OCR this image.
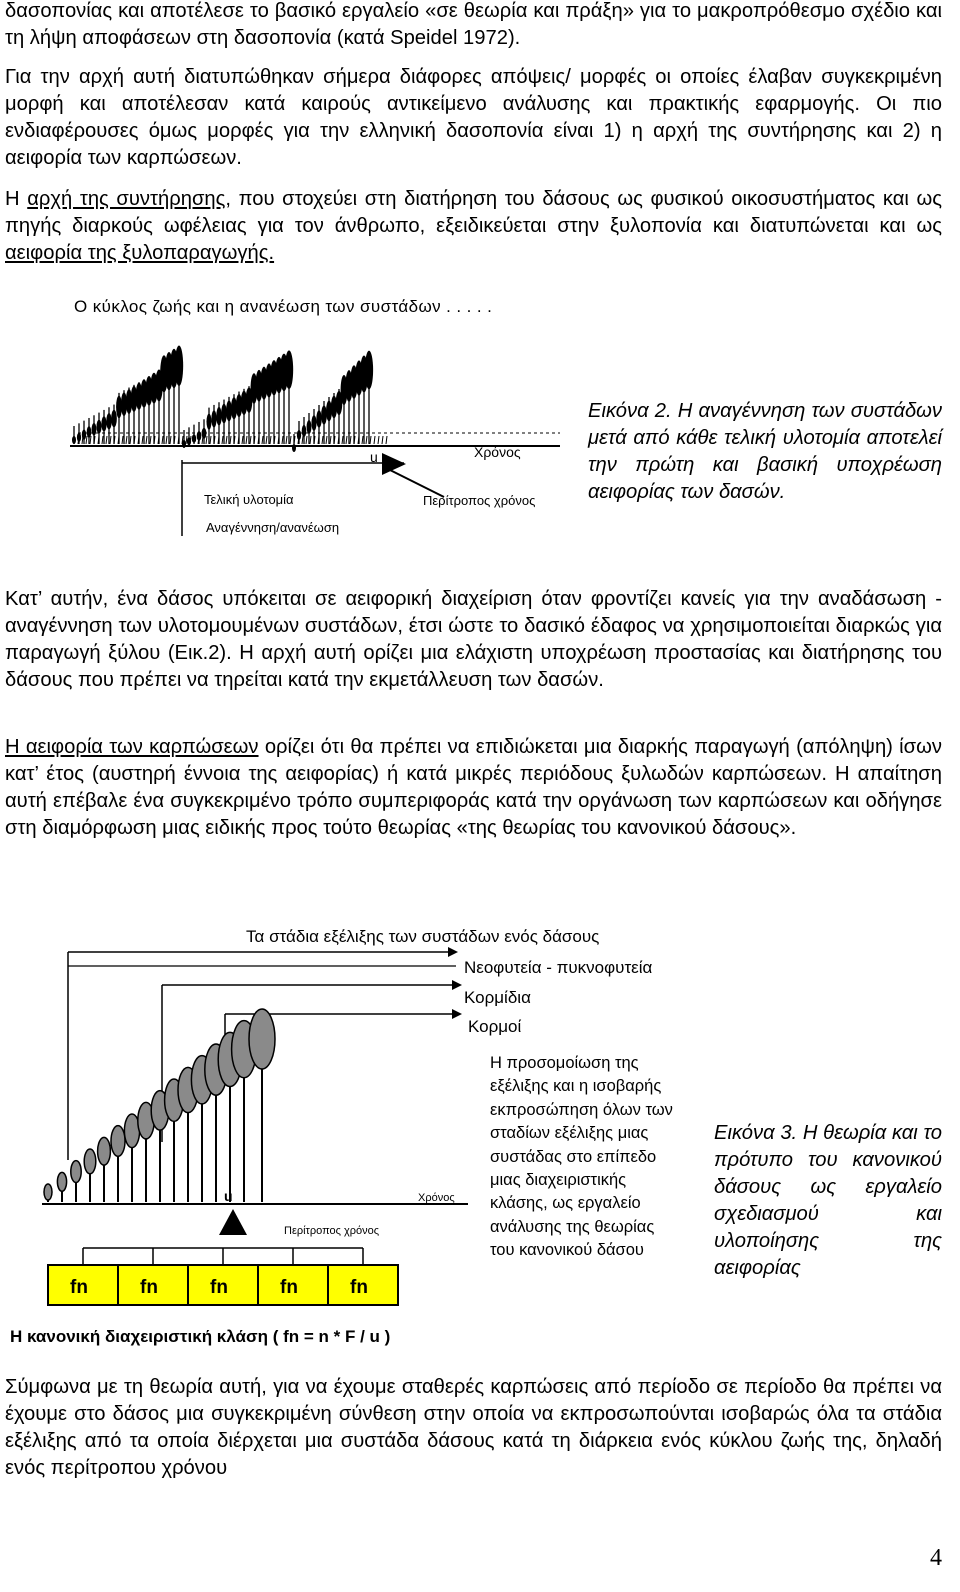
δασοπονίας και αποτέλεσε το βασικό εργαλείο «σε θεωρία και πράξη» για το μακροπρόθεσμο σχέδιο και τη λήψη αποφάσεων στη δασοπονία (κατά Speidel 1972).

Για την αρχή αυτή διατυπώθηκαν σήμερα διάφορες απόψεις/ μορφές οι οποίες έλαβαν συγκεκριμένη μορφή και αποτέλεσαν κατά καιρούς αντικείμενο ανάλυσης και πρακτικής εφαρμογής. Οι πιο ενδιαφέρουσες όμως μορφές για την ελληνική δασοπονία είναι 1) η αρχή της συντήρησης και 2) η αειφορία των καρπώσεων.

Η αρχή της συντήρησης, που στοχεύει στη διατήρηση του δάσους ως φυσικού οικοσυστήματος και ως πηγής διαρκούς ωφέλειας για τον άνθρωπο, εξειδικεύεται στην ξυλοπονία και διατυπώνεται και ως αειφορία της ξυλοπαραγωγής.

Ο κύκλος ζωής και η ανανέωση των συστάδων . . . . .
Χρόνος
u
Τελική υλοτομία
Αναγέννηση/ανανέωση
Περίτροπος χρόνος

Εικόνα 2. Η αναγέννηση των συστάδων μετά από κάθε τελική υλοτομία αποτελεί την πρώτη και βασική υποχρέωση αειφορίας των δασών.

Κατ’ αυτήν, ένα δάσος υπόκειται σε αειφορική διαχείριση όταν φροντίζει κανείς για την αναδάσωση - αναγέννηση των υλοτομουμένων συστάδων, έτσι ώστε το δασικό έδαφος να χρησιμοποιείται διαρκώς για παραγωγή ξύλου (Εικ.2). Η αρχή αυτή ορίζει μια ελάχιστη υποχρέωση προστασίας και διατήρησης του δάσους που πρέπει να τηρείται κατά την εκμετάλλευση των δασών.

Η αειφορία των καρπώσεων ορίζει ότι θα πρέπει να επιδιώκεται μια διαρκής παραγωγή (απόληψη) ίσων κατ’ έτος (αυστηρή έννοια της αειφορίας) ή κατά μικρές περιόδους ξυλωδών καρπώσεων. Η απαίτηση αυτή επέβαλε ένα συγκεκριμένο τρόπο συμπεριφοράς κατά την οργάνωση των καρπώσεων και οδήγησε στη διαμόρφωση μιας ειδικής προς τούτο θεωρίας «της θεωρίας του κανονικού δάσους».

Τα στάδια εξέλιξης των συστάδων ενός δάσους
Νεοφυτεία - πυκνοφυτεία
Κορμίδια
Κορμοί
u
Περίτροπος χρόνος
Χρόνος
fn	fn	fn	fn	fn
Η κανονική διαχειριστική κλάση ( fn = n * F / u )
Η προσομοίωση της εξέλιξης και η ισοβαρής εκπροσώπηση όλων των σταδίων εξέλιξης μιας συστάδας στο επίπεδο μιας διαχειριστικής κλάσης, ως εργαλείο ανάλυσης της θεωρίας του κανονικού δάσου

Εικόνα 3. Η θεωρία και το πρότυπο του κανονικού δάσους ως εργαλείο σχεδιασμού και υλοποίησης της αειφορίας

Σύμφωνα με τη θεωρία αυτή, για να έχουμε σταθερές καρπώσεις από περίοδο σε περίοδο θα πρέπει να έχουμε στο δάσος μια συγκεκριμένη σύνθεση στην οποία να εκπροσωπούνται ισοβαρώς όλα τα στάδια εξέλιξης από τα οποία διέρχεται μια συστάδα δάσους κατά τη διάρκεια ενός κύκλου ζωής της, δηλαδή ενός περίτροπου χρόνου

4
